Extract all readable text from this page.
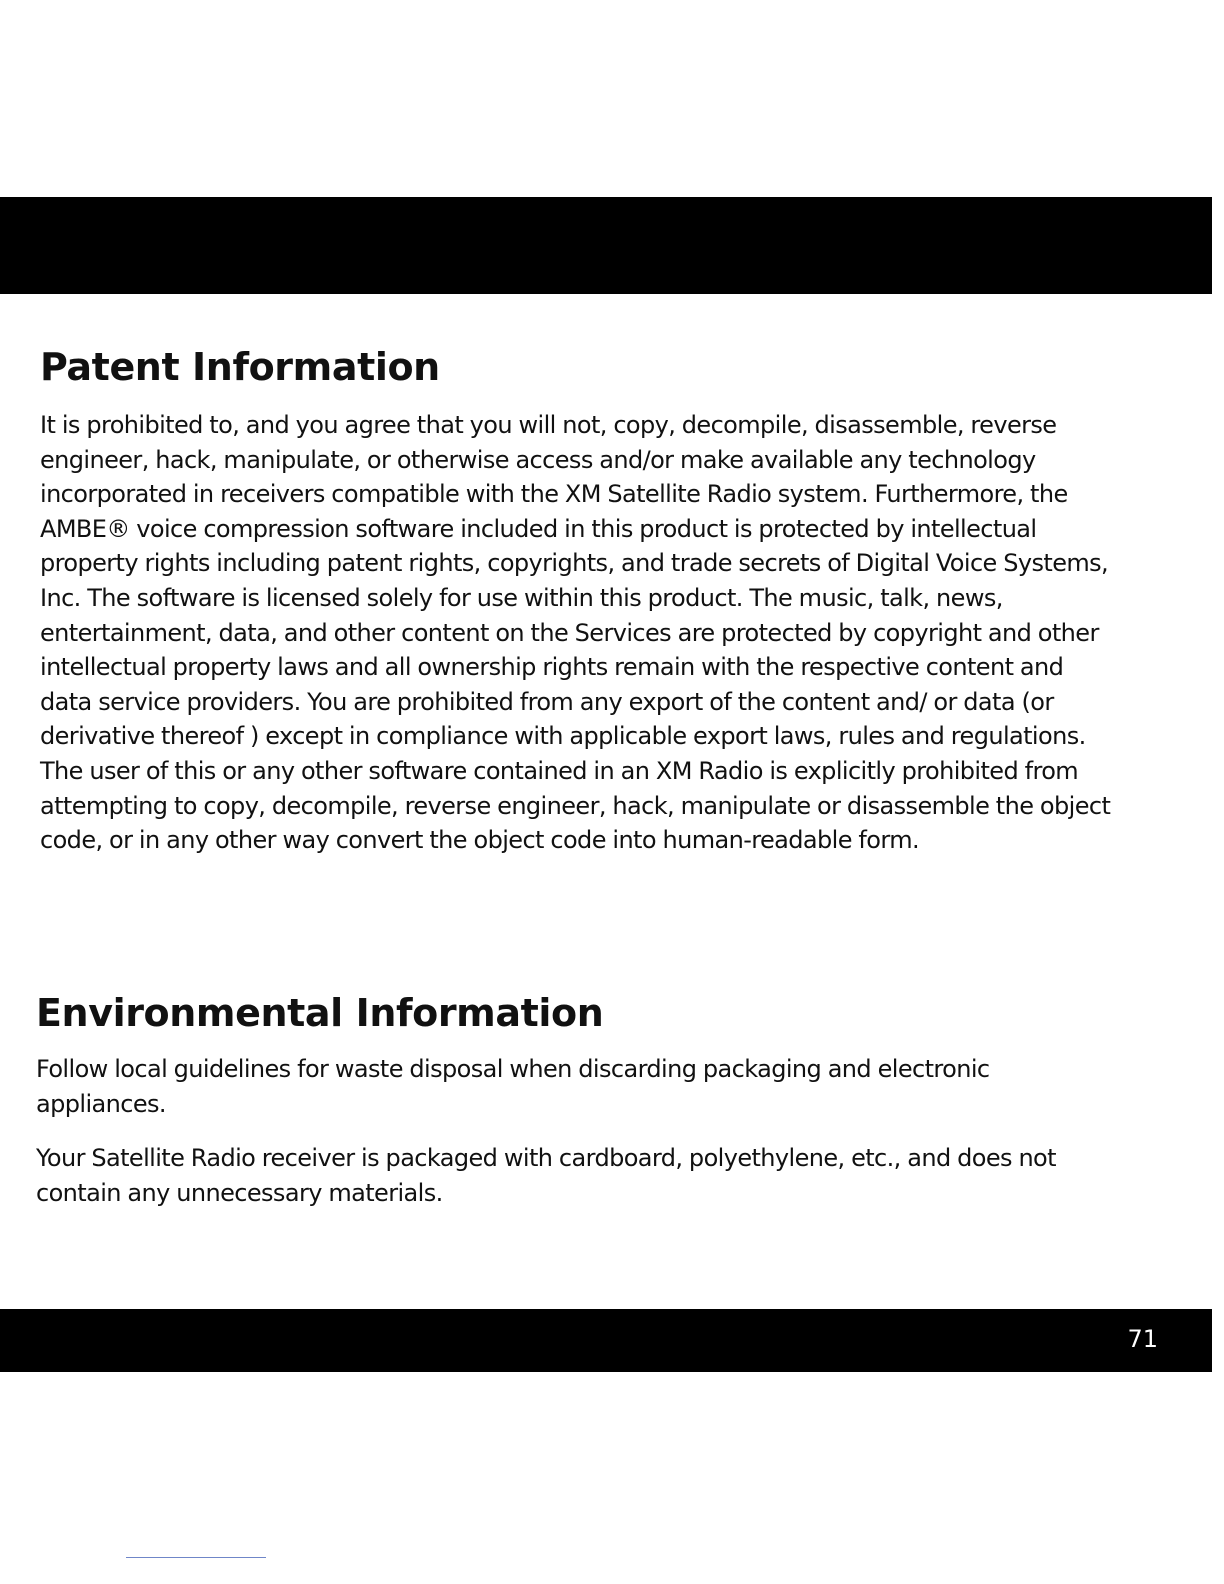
Patent Information

It is prohibited to, and you agree that you will not, copy, decompile, disassemble, reverse engineer, hack, manipulate, or otherwise access and/or make available any technology incorporated in receivers compatible with the XM Satellite Radio system. Furthermore, the AMBE® voice compression software included in this product is protected by intellectual property rights including patent rights, copyrights, and trade secrets of Digital Voice Systems, Inc. The software is licensed solely for use within this product. The music, talk, news, entertainment, data, and other content on the Services are protected by copyright and other intellectual property laws and all ownership rights remain with the respective content and data service providers. You are prohibited from any export of the content and/ or data (or derivative thereof ) except in compliance with applicable export laws, rules and regulations. The user of this or any other software contained in an XM Radio is explicitly prohibited from attempting to copy, decompile, reverse engineer, hack, manipulate or disassemble the object code, or in any other way convert the object code into human-readable form.

Environmental Information

Follow local guidelines for waste disposal when discarding packaging and electronic appliances.

Your Satellite Radio receiver is packaged with cardboard, polyethylene, etc., and does not contain any unnecessary materials.

71
